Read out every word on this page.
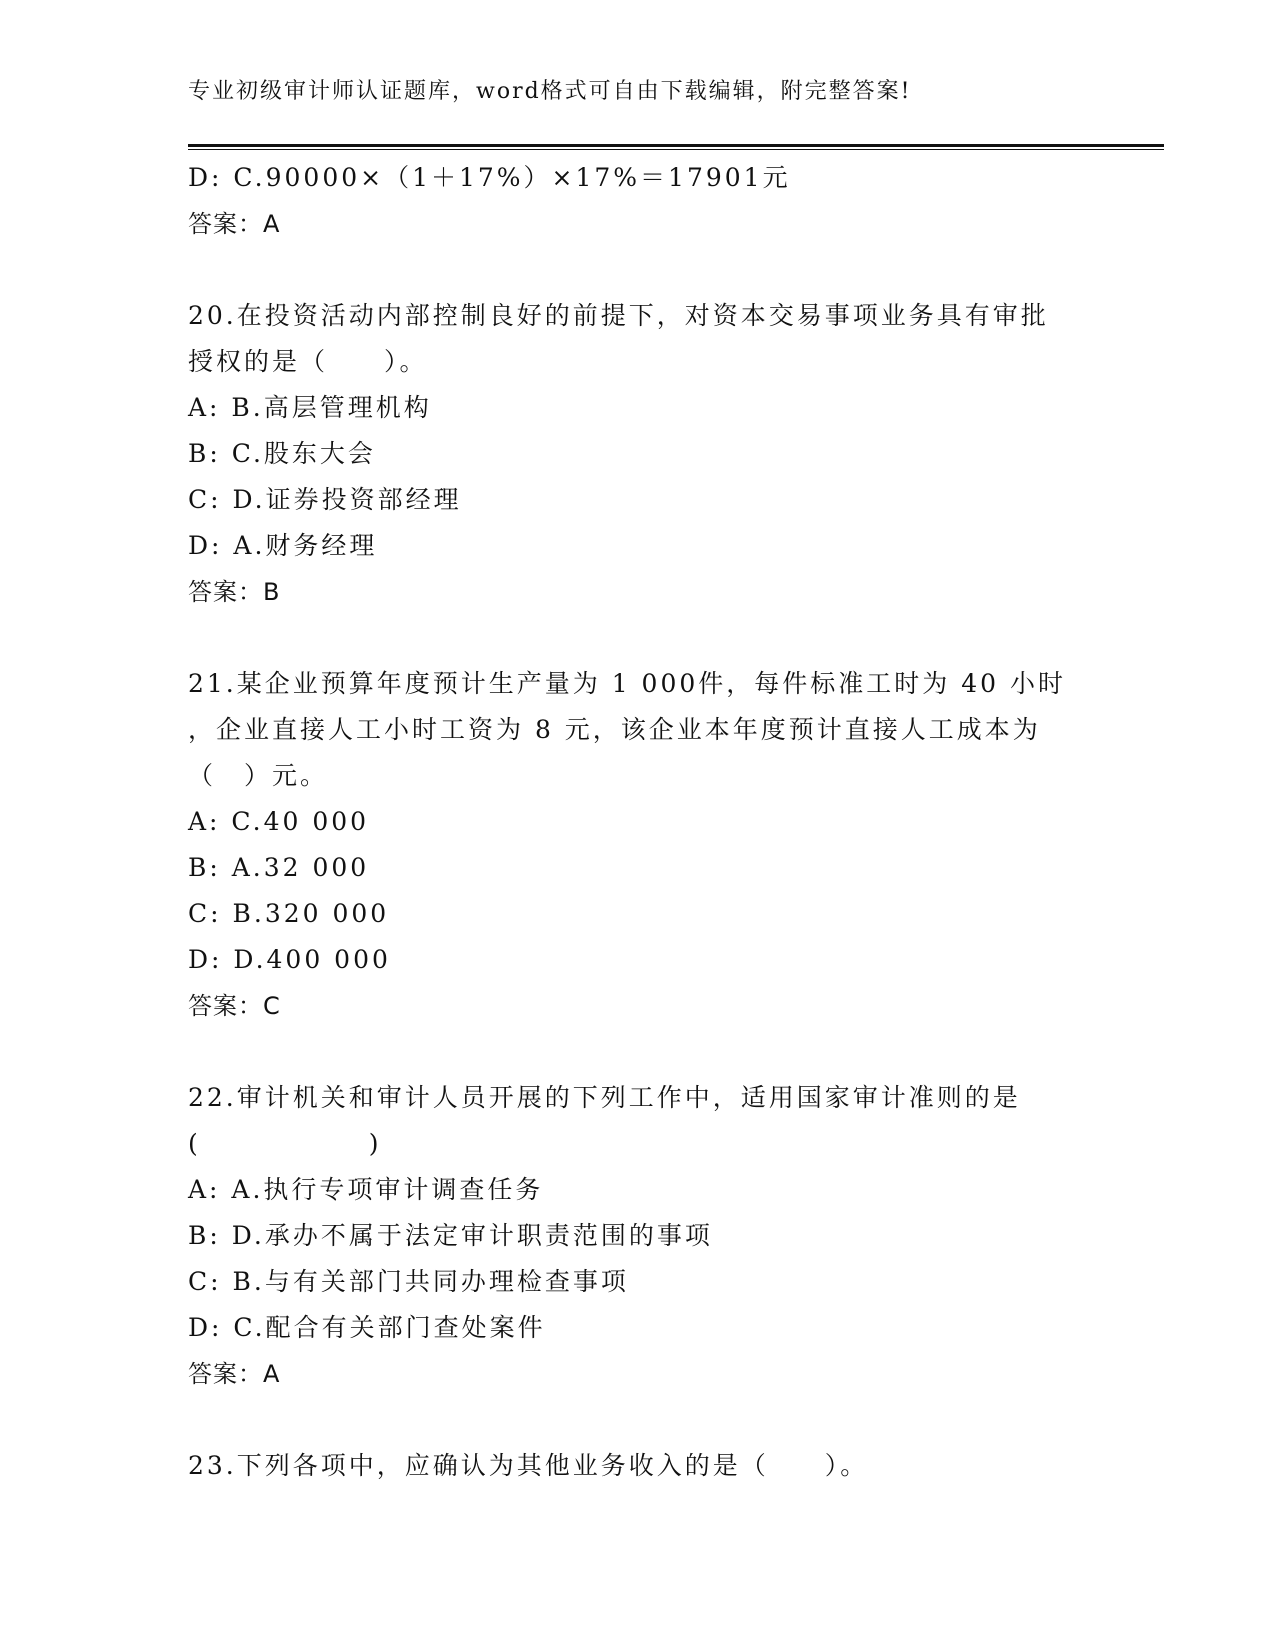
专业初级审计师认证题库，word格式可自由下载编辑，附完整答案!
D: C.90000×（1＋17%）×17%＝17901元
答案：A
20.在投资活动内部控制良好的前提下，对资本交易事项业务具有审批
授权的是（　　）。
A: B.高层管理机构
B: C.股东大会
C: D.证券投资部经理
D: A.财务经理
答案：B
21.某企业预算年度预计生产量为 1 000件，每件标准工时为 40 小时
，企业直接人工小时工资为 8 元，该企业本年度预计直接人工成本为
（　）元。
A: C.40 000
B: A.32 000
C: B.320 000
D: D.400 000
答案：C
22.审计机关和审计人员开展的下列工作中，适用国家审计准则的是
(　　　　　　)
A: A.执行专项审计调查任务
B: D.承办不属于法定审计职责范围的事项
C: B.与有关部门共同办理检查事项
D: C.配合有关部门查处案件
答案：A
23.下列各项中，应确认为其他业务收入的是（　　）。
